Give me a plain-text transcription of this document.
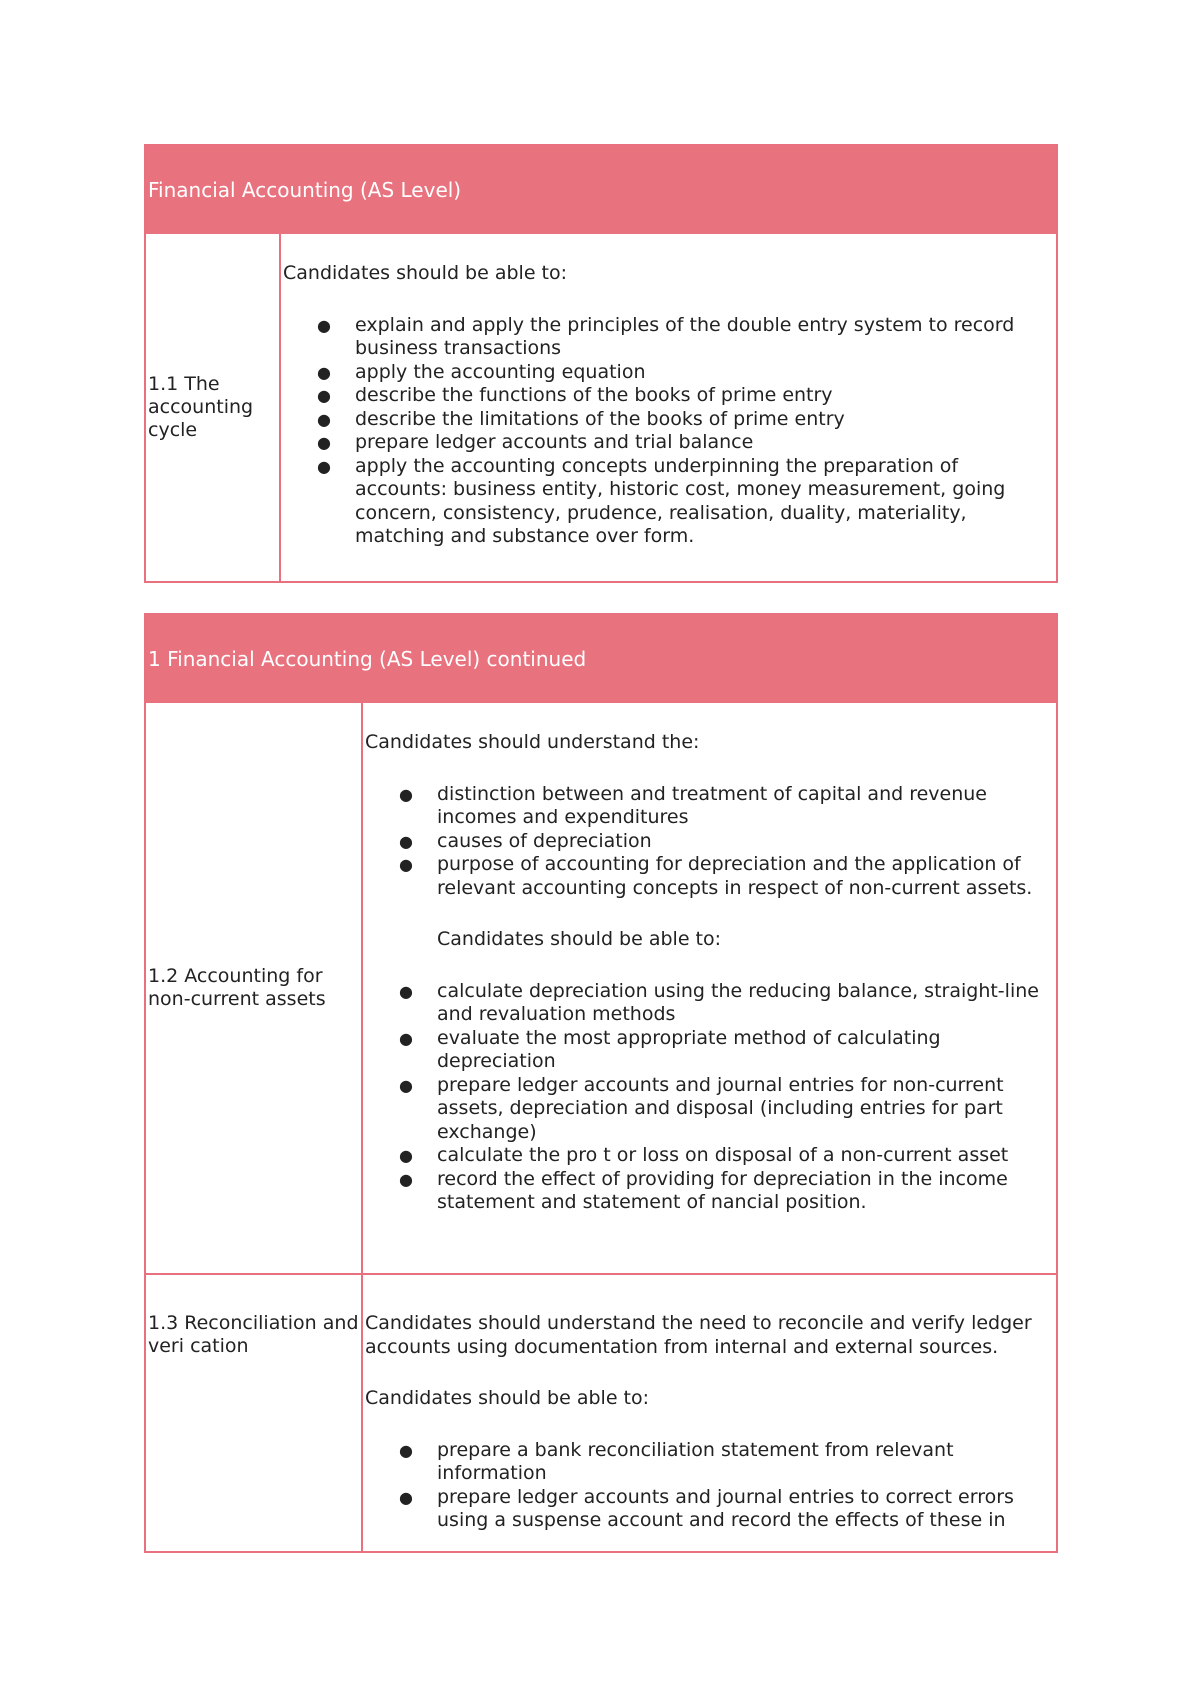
Financial Accounting (AS Level)
1.1 The accounting cycle

Candidates should be able to:

● explain and apply the principles of the double entry system to record business transactions
● apply the accounting equation
● describe the functions of the books of prime entry
● describe the limitations of the books of prime entry
● prepare ledger accounts and trial balance
● apply the accounting concepts underpinning the preparation of accounts: business entity, historic cost, money measurement, going concern, consistency, prudence, realisation, duality, materiality, matching and substance over form.
1 Financial Accounting (AS Level) continued
1.2 Accounting for non-current assets

Candidates should understand the:

● distinction between and treatment of capital and revenue incomes and expenditures
● causes of depreciation
● purpose of accounting for depreciation and the application of relevant accounting concepts in respect of non-current assets.

Candidates should be able to:

● calculate depreciation using the reducing balance, straight-line and revaluation methods
● evaluate the most appropriate method of calculating depreciation
● prepare ledger accounts and journal entries for non-current assets, depreciation and disposal (including entries for part exchange)
● calculate the pro t or loss on disposal of a non-current asset
● record the effect of providing for depreciation in the income statement and statement of nancial position.
1.3 Reconciliation and veri cation

Candidates should understand the need to reconcile and verify ledger accounts using documentation from internal and external sources.

Candidates should be able to:

● prepare a bank reconciliation statement from relevant information
● prepare ledger accounts and journal entries to correct errors using a suspense account and record the effects of these in
